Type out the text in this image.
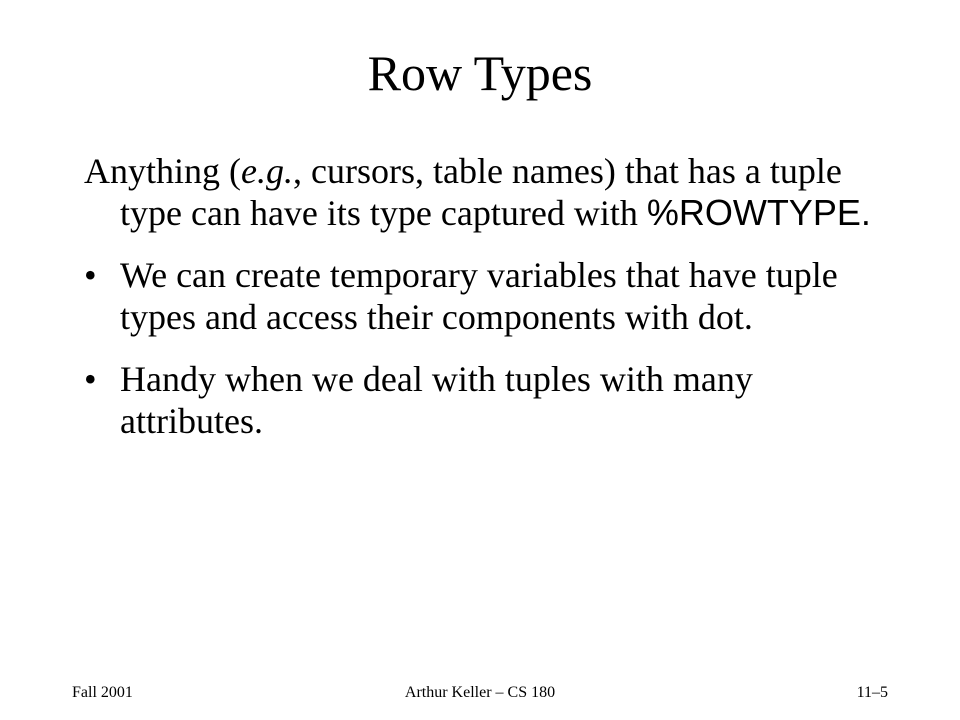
Row Types

Anything (e.g., cursors, table names) that has a tuple type can have its type captured with %ROWTYPE.

• We can create temporary variables that have tuple types and access their components with dot.
• Handy when we deal with tuples with many attributes.
Fall 2001	Arthur Keller – CS 180	11–5
